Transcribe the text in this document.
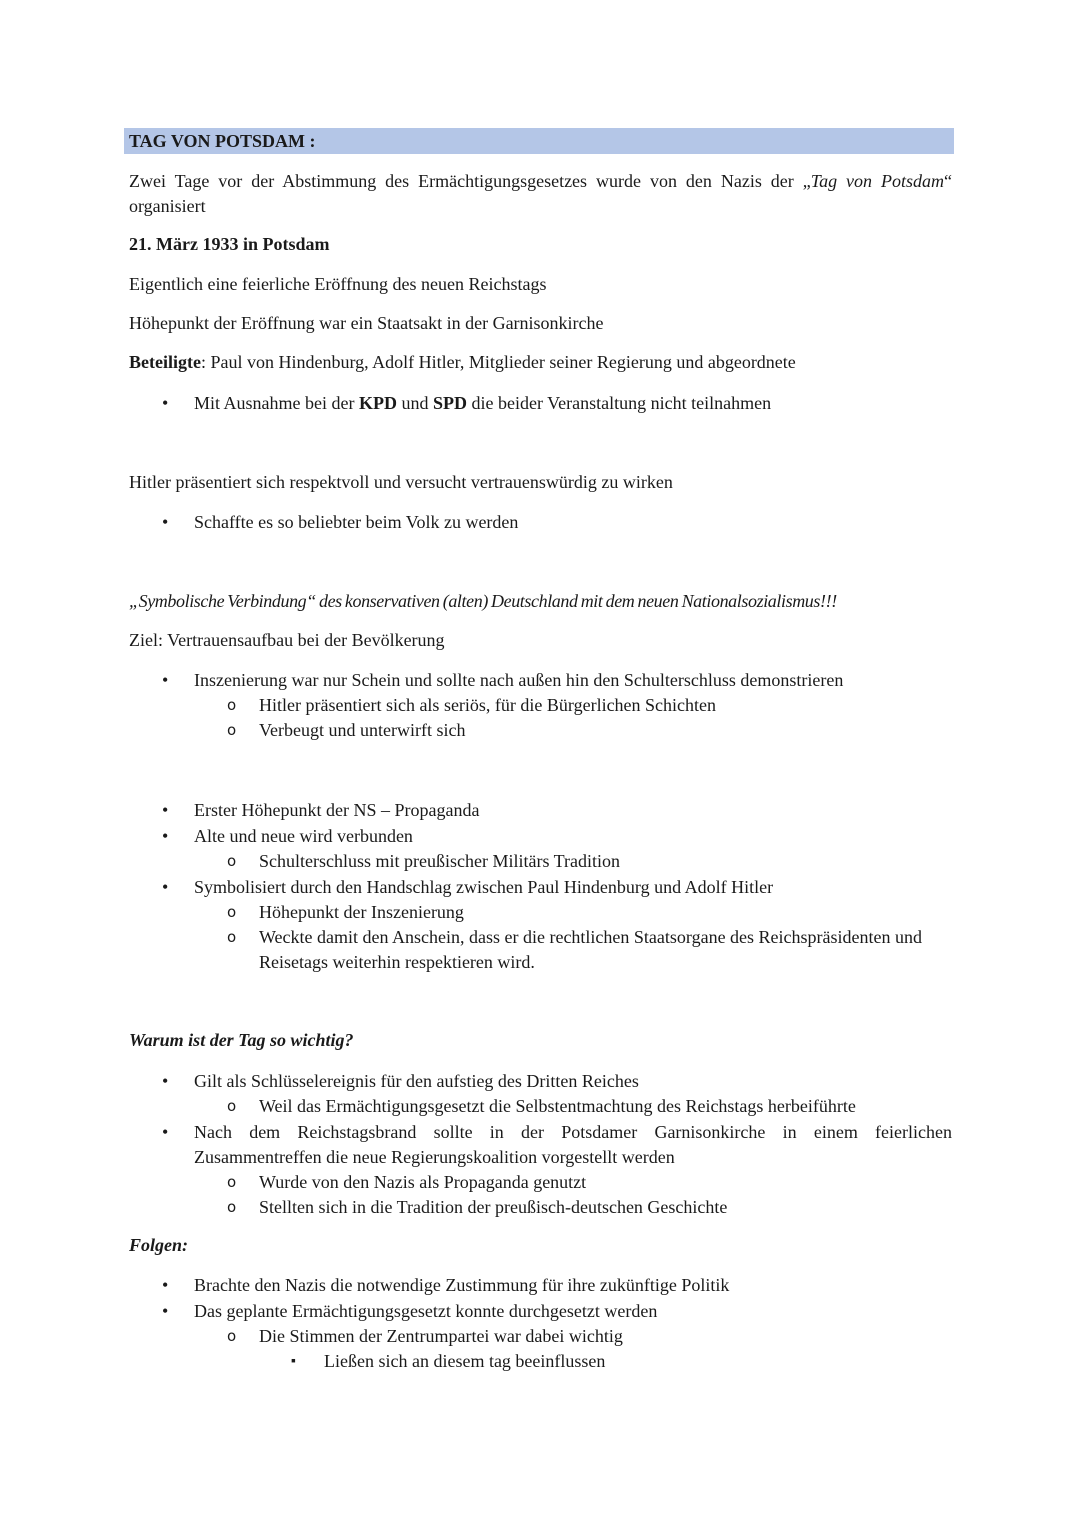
TAG VON POTSDAM :

Zwei Tage vor der Abstimmung des Ermächtigungsgesetzes wurde von den Nazis der „Tag von Potsdam“ organisiert

21. März 1933 in Potsdam

Eigentlich eine feierliche Eröffnung des neuen Reichstags

Höhepunkt der Eröffnung war ein Staatsakt in der Garnisonkirche

Beteiligte: Paul von Hindenburg, Adolf Hitler, Mitglieder seiner Regierung und abgeordnete

• Mit Ausnahme bei der KPD und SPD die beider Veranstaltung nicht teilnahmen

Hitler präsentiert sich respektvoll und versucht vertrauenswürdig zu wirken

• Schaffte es so beliebter beim Volk zu werden

„Symbolische Verbindung“ des konservativen (alten) Deutschland mit dem neuen Nationalsozialismus!!!

Ziel: Vertrauensaufbau bei der Bevölkerung

• Inszenierung war nur Schein und sollte nach außen hin den Schulterschluss demonstrieren
o Hitler präsentiert sich als seriös, für die Bürgerlichen Schichten
o Verbeugt und unterwirft sich
• Erster Höhepunkt der NS – Propaganda
• Alte und neue wird verbunden
o Schulterschluss mit preußischer Militärs Tradition
• Symbolisiert durch den Handschlag zwischen Paul Hindenburg und Adolf Hitler
o Höhepunkt der Inszenierung
o Weckte damit den Anschein, dass er die rechtlichen Staatsorgane des Reichspräsidenten und Reisetags weiterhin respektieren wird.

Warum ist der Tag so wichtig?

• Gilt als Schlüsselereignis für den aufstieg des Dritten Reiches
o Weil das Ermächtigungsgesetzt die Selbstentmachtung des Reichstags herbeiführte
• Nach dem Reichstagsbrand sollte in der Potsdamer Garnisonkirche in einem feierlichen Zusammentreffen die neue Regierungskoalition vorgestellt werden
o Wurde von den Nazis als Propaganda genutzt
o Stellten sich in die Tradition der preußisch-deutschen Geschichte

Folgen:

• Brachte den Nazis die notwendige Zustimmung für ihre zukünftige Politik
• Das geplante Ermächtigungsgesetzt konnte durchgesetzt werden
o Die Stimmen der Zentrumpartei war dabei wichtig
▪ Ließen sich an diesem tag beeinflussen
